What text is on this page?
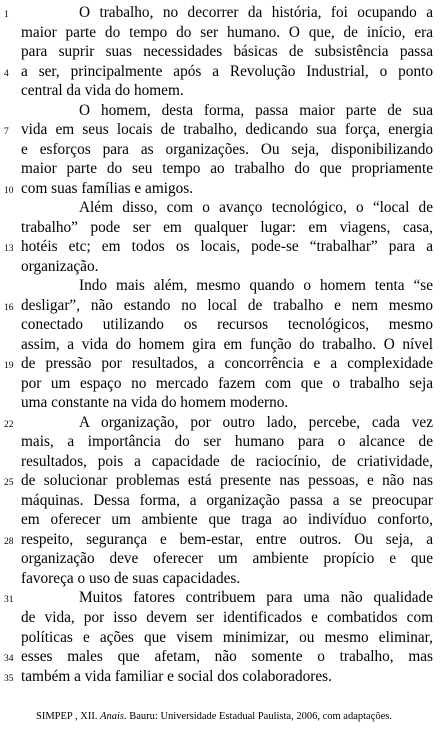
1	O trabalho, no decorrer da história, foi ocupando a
maior parte do tempo do ser humano. O que, de início, era
para suprir suas necessidades básicas de subsistência passa
4 a ser, principalmente após a Revolução Industrial, o ponto
central da vida do homem.
O homem, desta forma, passa maior parte de sua
7 vida em seus locais de trabalho, dedicando sua força, energia
e esforços para as organizações. Ou seja, disponibilizando
maior parte do seu tempo ao trabalho do que propriamente
10 com suas famílias e amigos.
Além disso, com o avanço tecnológico, o “local de
trabalho” pode ser em qualquer lugar: em viagens, casa,
13 hotéis etc; em todos os locais, pode-se “trabalhar” para a
organização.
Indo mais além, mesmo quando o homem tenta “se
16 desligar”, não estando no local de trabalho e nem mesmo
conectado utilizando os recursos tecnológicos, mesmo
assim, a vida do homem gira em função do trabalho. O nível
19 de pressão por resultados, a concorrência e a complexidade
por um espaço no mercado fazem com que o trabalho seja
uma constante na vida do homem moderno.
22	A organização, por outro lado, percebe, cada vez
mais, a importância do ser humano para o alcance de
resultados, pois a capacidade de raciocínio, de criatividade,
25 de solucionar problemas está presente nas pessoas, e não nas
máquinas. Dessa forma, a organização passa a se preocupar
em oferecer um ambiente que traga ao indivíduo conforto,
28 respeito, segurança e bem-estar, entre outros. Ou seja, a
organização deve oferecer um ambiente propício e que
favoreça o uso de suas capacidades.
31	Muitos fatores contribuem para uma não qualidade
de vida, por isso devem ser identificados e combatidos com
políticas e ações que visem minimizar, ou mesmo eliminar,
34 esses males que afetam, não somente o trabalho, mas
35 também a vida familiar e social dos colaboradores.
SIMPEP , XII. Anais. Bauru: Universidade Estadual Paulista, 2006, com adaptações.
